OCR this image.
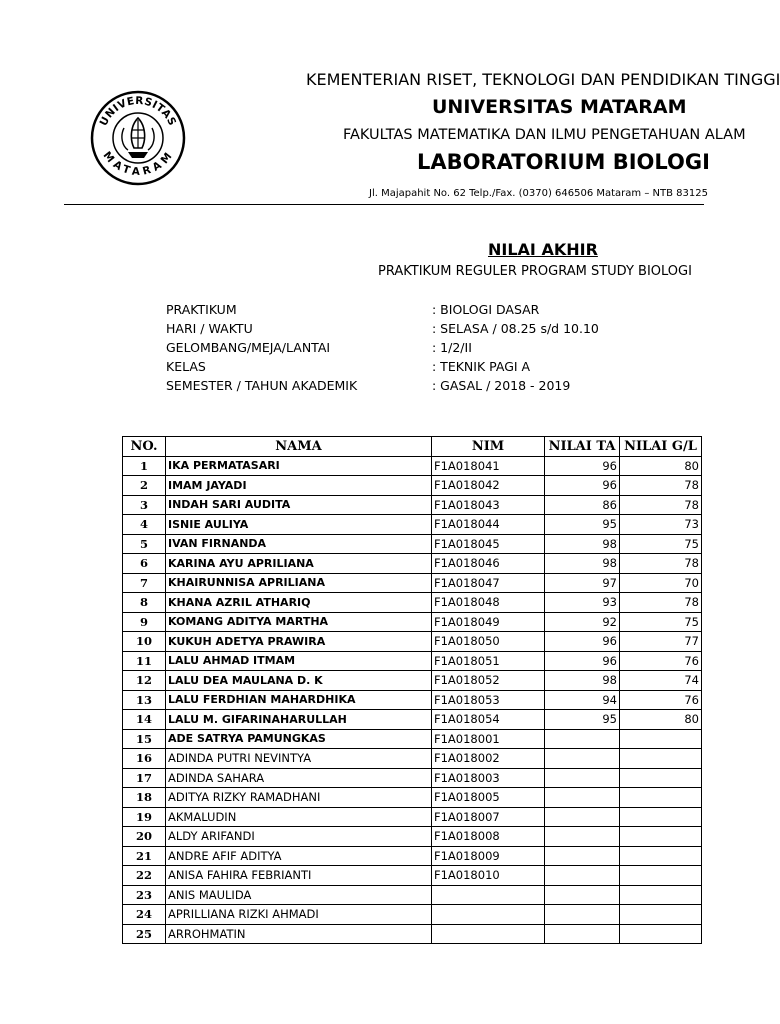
UNIVERSITAS
MATARAM
KEMENTERIAN RISET, TEKNOLOGI DAN PENDIDIKAN TINGGI
UNIVERSITAS MATARAM
FAKULTAS MATEMATIKA DAN ILMU PENGETAHUAN ALAM
LABORATORIUM BIOLOGI
Jl. Majapahit No. 62 Telp./Fax. (0370) 646506 Mataram – NTB 83125
NILAI AKHIR
PRAKTIKUM REGULER PROGRAM STUDY BIOLOGI
PRAKTIKUM	: BIOLOGI DASAR
HARI / WAKTU	: SELASA / 08.25 s/d 10.10
GELOMBANG/MEJA/LANTAI	: 1/2/II
KELAS	: TEKNIK PAGI A
SEMESTER / TAHUN AKADEMIK	: GASAL / 2018 - 2019
NO.	NAMA	NIM	NILAI TA	NILAI G/L
1	IKA PERMATASARI	F1A018041	96	80
2	IMAM JAYADI	F1A018042	96	78
3	INDAH SARI AUDITA	F1A018043	86	78
4	ISNIE AULIYA	F1A018044	95	73
5	IVAN FIRNANDA	F1A018045	98	75
6	KARINA AYU APRILIANA	F1A018046	98	78
7	KHAIRUNNISA APRILIANA	F1A018047	97	70
8	KHANA AZRIL ATHARIQ	F1A018048	93	78
9	KOMANG ADITYA MARTHA	F1A018049	92	75
10	KUKUH ADETYA PRAWIRA	F1A018050	96	77
11	LALU AHMAD ITMAM	F1A018051	96	76
12	LALU DEA MAULANA D. K	F1A018052	98	74
13	LALU FERDHIAN MAHARDHIKA	F1A018053	94	76
14	LALU M. GIFARINAHARULLAH	F1A018054	95	80
15	ADE SATRYA PAMUNGKAS	F1A018001		
16	ADINDA PUTRI NEVINTYA	F1A018002		
17	ADINDA SAHARA	F1A018003		
18	ADITYA RIZKY RAMADHANI	F1A018005		
19	AKMALUDIN	F1A018007		
20	ALDY ARIFANDI	F1A018008		
21	ANDRE AFIF ADITYA	F1A018009		
22	ANISA FAHIRA FEBRIANTI	F1A018010		
23	ANIS MAULIDA			
24	APRILLIANA RIZKI AHMADI			
25	ARROHMATIN			
